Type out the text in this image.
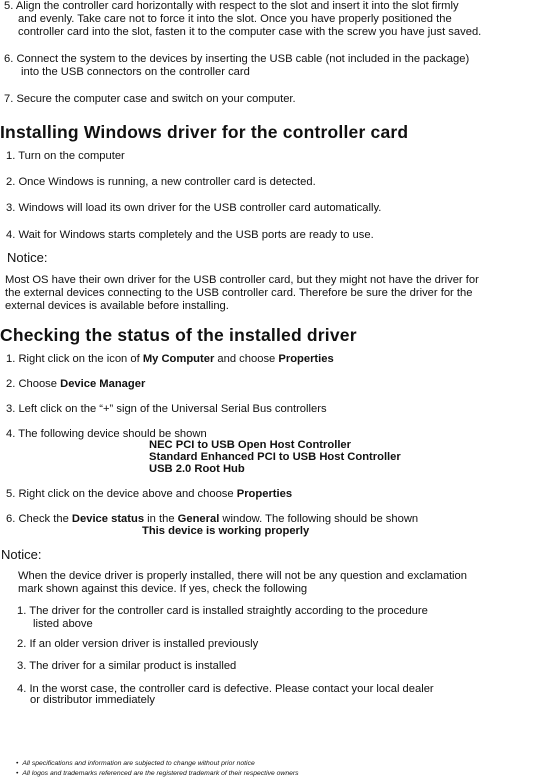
5. Align the controller card horizontally with respect to the slot and insert it into the slot firmly
and evenly. Take care not to force it into the slot. Once you have properly positioned the
controller card into the slot, fasten it to the computer case with the screw you have just saved.
6. Connect the system to the devices by inserting the USB cable (not included in the package)
into the USB connectors on the controller card
7. Secure the computer case and switch on your computer.
Installing Windows driver for the controller card
1. Turn on the computer
2. Once Windows is running, a new controller card is detected.
3. Windows will load its own driver for the USB controller card automatically.
4. Wait for Windows starts completely and the USB ports are ready to use.
Notice:
Most OS have their own driver for the USB controller card, but they might not have the driver for
the external devices connecting to the USB controller card. Therefore be sure the driver for the
external devices is available before installing.
Checking the status of the installed driver
1. Right click on the icon of My Computer and choose Properties
2. Choose Device Manager
3. Left click on the “+” sign of the Universal Serial Bus controllers
4. The following device should be shown
NEC PCI to USB Open Host Controller
Standard Enhanced PCI to USB Host Controller
USB 2.0 Root Hub
5. Right click on the device above and choose Properties
6. Check the Device status in the General window. The following should be shown
This device is working properly
Notice:
When the device driver is properly installed, there will not be any question and exclamation
mark shown against this device. If yes, check the following
1. The driver for the controller card is installed straightly according to the procedure
listed above
2. If an older version driver is installed previously
3. The driver for a similar product is installed
4. In the worst case, the controller card is defective. Please contact your local dealer
or distributor immediately
• All specifications and information are subjected to change without prior notice
• All logos and trademarks referenced are the registered trademark of their respective owners
